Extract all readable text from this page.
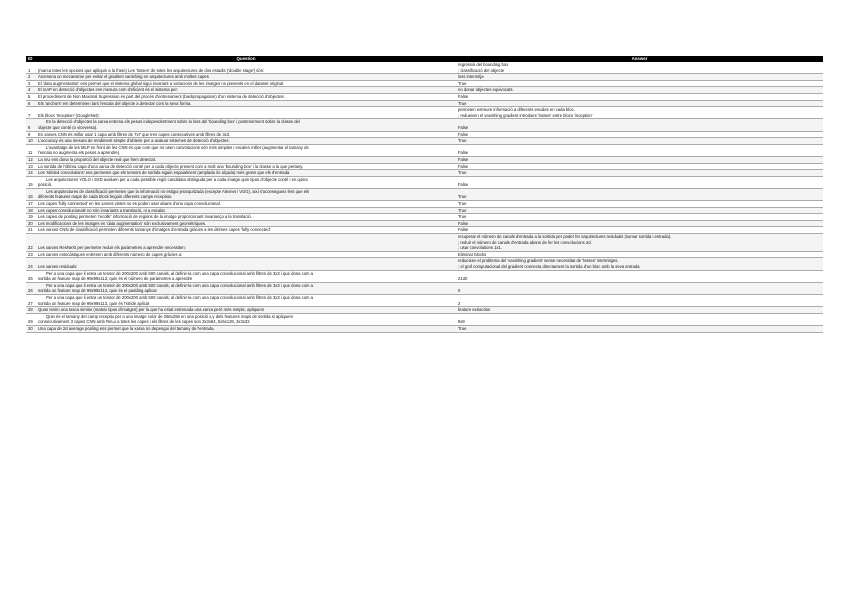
ID	Question	Answer
1	(marca totes les opcions que apliquin a la frase) Les 'losses' de totes les arquitectures de dos estadis ('double stage') són:	regressió del bounding box
; classificació del objecte

2	Anomena un mecanisme per evitar el gradient vanishing en arquitectures amb moltes capes	loss intermitja

3	El 'data augmentation' ens permet que el sistema global sigui invariant a variacions de les imatges no presents en el dataset original.	True

4	El mAP en detecció d'objectes ens mesura com d'eficient és el sistema per:	no donar objectes equivocats.

5	El procediment de Non Maximal Supression és part del procés d'entrenament (backpropagation) d'un sistema de detecció d'objectes.	False

6	Els 'anchors' em determinen tant l'escala del objecte a detectar com la seva forma.	True

7	Els blocs 'Inception' (GoogleNet):	permeten extreure informació a diferents escales en cada bloc.
; redueixen el vanishing gradient introduint 'losses' entre blocs 'inception'

8	En la detecció d'objectes la xarxa entrena els pesos independentment sobre la loss del 'bounding box' i posteriorment sobre la classe del
objecte que conté (o viceversa).	False

9	En xarxes CNN és millor usar 1 capa amb filtres de 7x7 que tres capes consecutives amb filtres de 3x3.	False

10	L'accuracy és una mesura de rendiment simple d'obtenir per a avaluar sistemes de detecció d'objectes.	True

11	L'avantatge de les MLP en front de les CNN és que com que no usen convolucions són més simples i escalen millor (augmentar el tamany de
l'escala no augmenta els pesos a aprendre).	False

12	La IoU ens dona la proporció del objecte real que hem detectat.	False

13	La sortida de l'última capa d'una xarxa de detecció conté per a cada objecte present com a molt una 'bounding box' i la classe a la que pertany.	False

14	Les 'strided convolutions' ens permeten que els tensors de sortida siguin espaialment (amplada i/o alçada) més grans que els d'entrada.	True

15	Les arquitectures YOLO i SSD avaluen per a cada possible regió candidata obtinguda per a cada imatge quin tipus d'objecte conté i en quina
posició.	False

16	Les arquitectures de classificació permeten que la informació no estigui jerarquitzada (excepte Alexnet i VGG), així s'aconsegueix fent que els
diferents features maps de cada block tinguin diferents camps receptius.	True

17	Les capes 'fully connected' en les xarxes vistes no es poden usar abans d'una capa convolucional.	True

18	Les capes convolucionals no són invariants a translació, ni a escalat.	True

19	Les capes de pooling permeten 'recollir' informació de regions de la imatge proporcionant invariança a la translació.	True

20	Les modificacions de les imatges en 'data augmentation' són exclusivament geomètriques.	False

21	Les xarxes CNN de classificació permeten diferents tamanys d'imatges d'entrada gràcies a les últimes capes 'fully connected'	False

22	Les xarxes ResNeXt per permetre reduir els paràmetres a aprendre necessiten:	recuperar el número de canals d'entrada a la sortida per poder fer arquitectures residuals (sumar sortida i entrada).
; reduir el número de canals d'entrada abans de fer les convolucions 2d.
; usar convolutions 1x1.

23	Les xarxes estocàstiques entrenen amb diferents número de capes gràcies a:	Eliminar blocks

24	Les xarxes residuals:	redueixen el problema del 'vanishing gradient' sense necessitat de 'losses' intermitges.
; el graf computacional del gradient connecta directament la sortida d'un bloc amb la seva entrada.

25	Per a una capa que li entra un tensor de 200x200 amb 500 canals, al definir-la com una capa convolucional amb filtres de 3x3 i que dona com a
sortida un feature map de 99x99x113, quin és el número de paràmetres a aprendre	2130

26	Per a una capa que li entra un tensor de 200x200 amb 500 canals, al definir-la com una capa convolucional amb filtres de 3x3 i que dona com a
sortida un feature map de 99x99x113, quin és el padding aplicat	0

27	Per a una capa que li entra un tensor de 200x200 amb 500 canals, al definir-la com una capa convolucional amb filtres de 3x3 i que dona com a
sortida un feature map de 99x99x113, quin és l'stride aplicat	2

28	Quan tenim una tasca similar (mateix tipus d'imatges) per la que ha estat entrenada una xarxa però més simple, apliquem	feature extraction

29	Quin és el tamany del camp receptiu per a una imatge color de 256x256 en una posició x,y dels features maps de sortida si apliquem
consecutivament 3 capes CNN amb ReLu a totes les capes i els filtres de les capes son 3x3x64, 5x5x128, 3x3x32	9x9

30	Una capa de 2d average pooling ens permet que la xarxa no depengui del tamany de l'entrada.	True
